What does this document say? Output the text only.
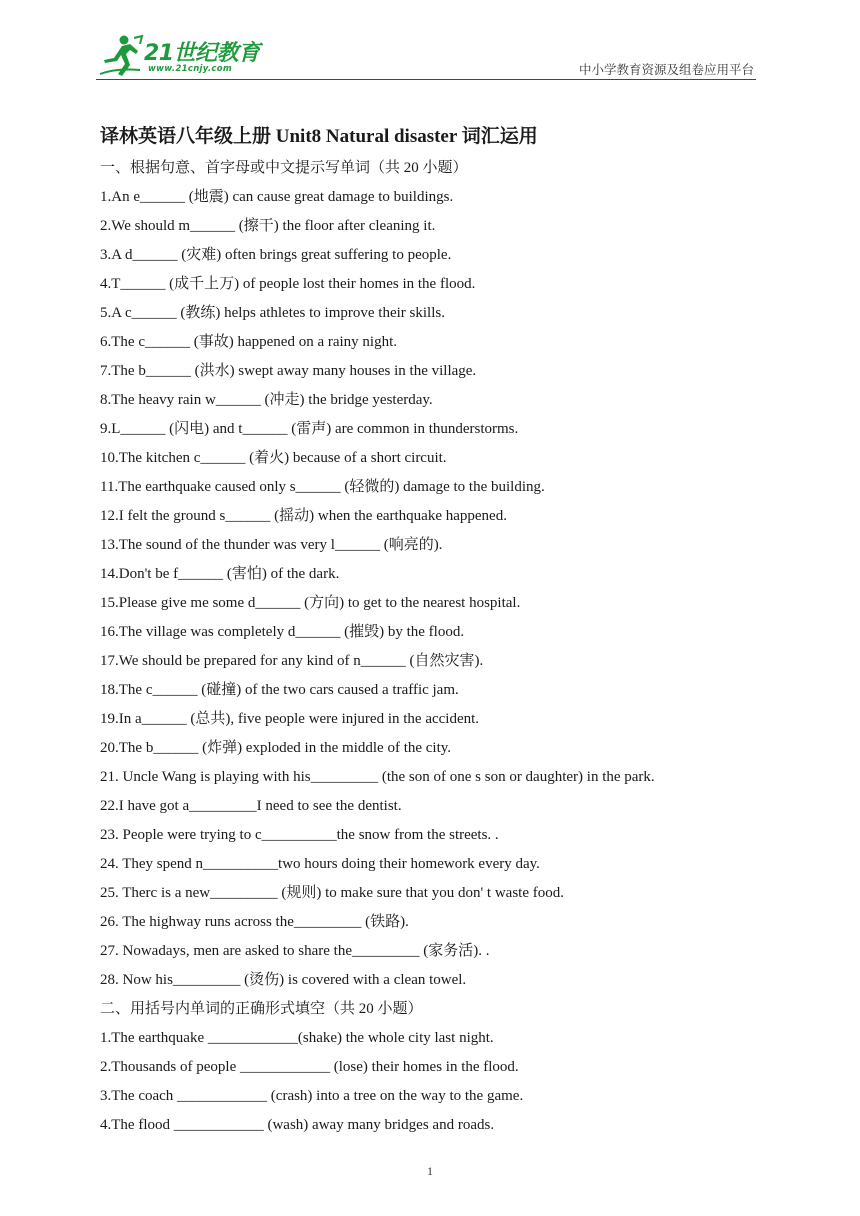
21世纪教育
www.21cnjy.com	中小学教育资源及组卷应用平台
译林英语八年级上册 Unit8 Natural disaster 词汇运用
一、根据句意、首字母或中文提示写单词（共 20 小题）
1.An e______ (地震) can cause great damage to buildings.
2.We should m______ (擦干) the floor after cleaning it.
3.A d______ (灾难) often brings great suffering to people.
4.T______ (成千上万) of people lost their homes in the flood.
5.A c______ (教练) helps athletes to improve their skills.
6.The c______ (事故) happened on a rainy night.
7.The b______ (洪水) swept away many houses in the village.
8.The heavy rain w______ (冲走) the bridge yesterday.
9.L______ (闪电) and t______ (雷声) are common in thunderstorms.
10.The kitchen c______ (着火) because of a short circuit.
11.The earthquake caused only s______ (轻微的) damage to the building.
12.I felt the ground s______ (摇动) when the earthquake happened.
13.The sound of the thunder was very l______ (响亮的).
14.Don't be f______ (害怕) of the dark.
15.Please give me some d______ (方向) to get to the nearest hospital.
16.The village was completely d______ (摧毁) by the flood.
17.We should be prepared for any kind of n______ (自然灾害).
18.The c______ (碰撞) of the two cars caused a traffic jam.
19.In a______ (总共), five people were injured in the accident.
20.The b______ (炸弹) exploded in the middle of the city.
21. Uncle Wang is playing with his_________ (the son of one s son or daughter) in the park.
22.I have got a_________I need to see the dentist.
23. People were trying to c__________the snow from the streets. .
24. They spend n__________two hours doing their homework every day.
25. Therc is a new_________ (规则) to make sure that you don' t waste food.
26. The highway runs across the_________ (铁路).
27. Nowadays, men are asked to share the_________ (家务活). .
28. Now his_________ (烫伤) is covered with a clean towel.
二、用括号内单词的正确形式填空（共 20 小题）
1.The earthquake ____________(shake) the whole city last night.
2.Thousands of people ____________ (lose) their homes in the flood.
3.The coach ____________ (crash) into a tree on the way to the game.
4.The flood ____________ (wash) away many bridges and roads.
1
